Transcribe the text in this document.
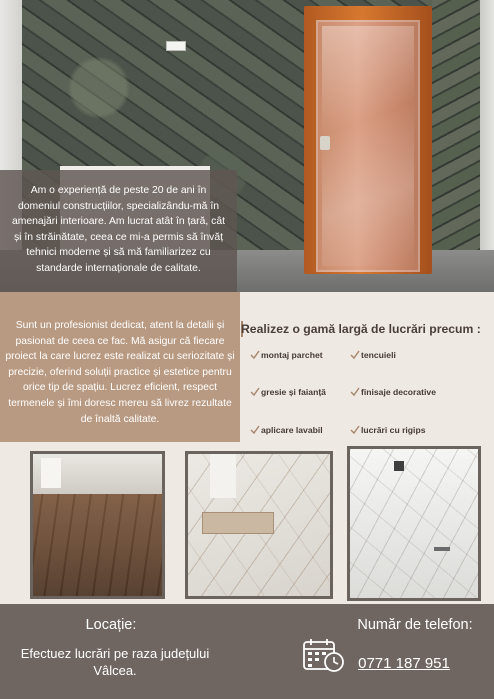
Am o experiență de peste 20 de ani în domeniul construcțiilor, specializându-mă în amenajări interioare. Am lucrat atât în țară, cât și în străinătate, ceea ce mi-a permis să învăț tehnici moderne și să mă familiarizez cu standarde internaționale de calitate.

Sunt un profesionist dedicat, atent la detalii și pasionat de ceea ce fac. Mă asigur că fiecare proiect la care lucrez este realizat cu seriozitate și precizie, oferind soluții practice și estetice pentru orice tip de spațiu. Lucrez eficient, respect termenele și îmi doresc mereu să livrez rezultate de înaltă calitate.

Realizez o gamă largă de lucrări precum :
montaj parchet	tencuieli
gresie și faianță	finisaje decorative
aplicare lavabil	lucrări cu rigips
Locație:
Efectuez lucrări pe raza județului Vâlcea.
Număr de telefon:
0771 187 951
